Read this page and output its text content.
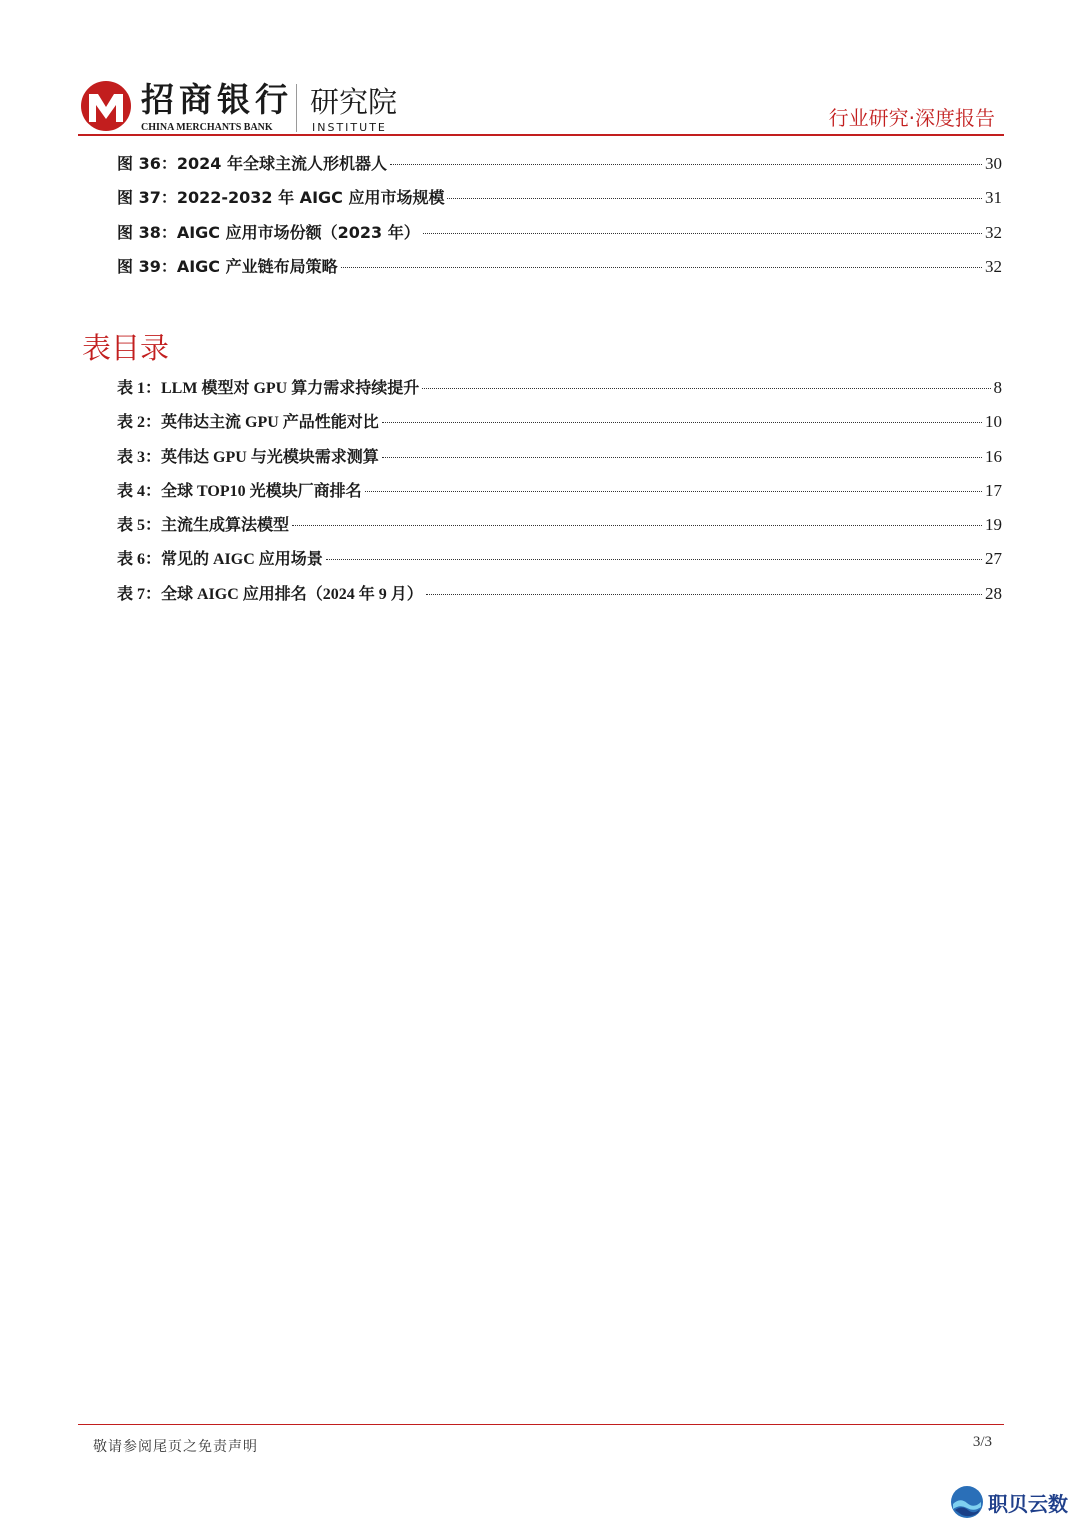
招商银行
CHINA MERCHANTS BANK
研究院
INSTITUTE	行业研究·深度报告
图 36：2024 年全球主流人形机器人	30
图 37：2022-2032 年 AIGC 应用市场规模	31
图 38：AIGC 应用市场份额（2023 年）	32
图 39：AIGC 产业链布局策略	32
表目录
表 1：LLM 模型对 GPU 算力需求持续提升	8
表 2：英伟达主流 GPU 产品性能对比	10
表 3：英伟达 GPU 与光模块需求测算	16
表 4：全球 TOP10 光模块厂商排名	17
表 5：主流生成算法模型	19
表 6：常见的 AIGC 应用场景	27
表 7：全球 AIGC 应用排名（2024 年 9 月）	28
敬请参阅尾页之免责声明	3/3
职贝云数
